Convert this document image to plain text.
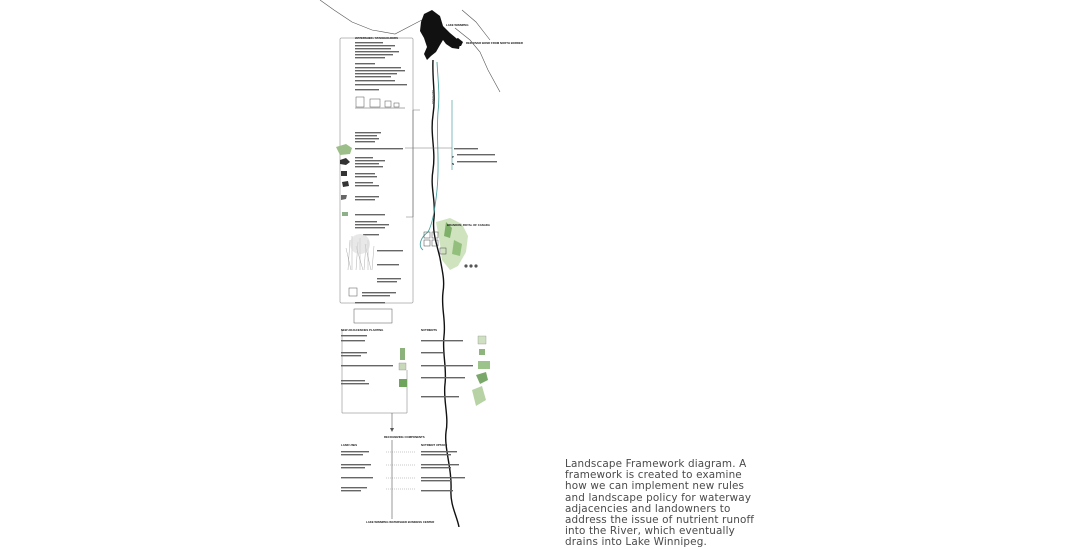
LAKE WINNIPEG
RED RIVER BOND FROM NORTH BORDER
RED RIVER
WATERSHED / STAKEHOLDERS
NEW ADJACENCIES PLANTING	NUTRIENTS
BRANDON, ROYAL OF CANADA
P
N
RECOGNIZING COMPONENTS
LAND USES	NUTRIENT UPTAKE
LAKE WINNIPEG WATERSHED BUSINESS CENTER

Landscape Framework diagram. A framework is created to examine how we can implement new rules and landscape policy for waterway adjacencies and landowners to address the issue of nutrient runoff into the River, which eventually drains into Lake Winnipeg.
